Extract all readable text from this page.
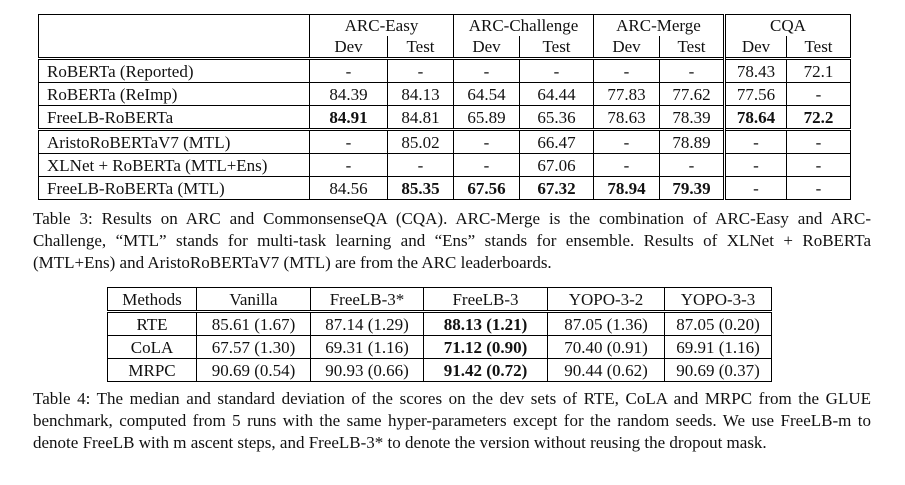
	ARC-Easy		ARC-Challenge		ARC-Merge		CQA	
	Dev	Test	Dev	Test	Dev	Test	Dev	Test
RoBERTa (Reported)	-	-	-	-	-	-	78.43	72.1
RoBERTa (ReImp)	84.39	84.13	64.54	64.44	77.83	77.62	77.56	-
FreeLB-RoBERTa	84.91	84.81	65.89	65.36	78.63	78.39	78.64	72.2
AristoRoBERTaV7 (MTL)	-	85.02	-	66.47	-	78.89	-	-
XLNet + RoBERTa (MTL+Ens)	-	-	-	67.06	-	-	-	-
FreeLB-RoBERTa (MTL)	84.56	85.35	67.56	67.32	78.94	79.39	-	-

Table 3: Results on ARC and CommonsenseQA (CQA). ARC-Merge is the combination of ARC-Easy and ARC-Challenge, “MTL” stands for multi-task learning and “Ens” stands for ensemble. Results of XLNet + RoBERTa (MTL+Ens) and AristoRoBERTaV7 (MTL) are from the ARC leaderboards.

Methods	Vanilla	FreeLB-3*	FreeLB-3	YOPO-3-2	YOPO-3-3
RTE	85.61 (1.67)	87.14 (1.29)	88.13 (1.21)	87.05 (1.36)	87.05 (0.20)
CoLA	67.57 (1.30)	69.31 (1.16)	71.12 (0.90)	70.40 (0.91)	69.91 (1.16)
MRPC	90.69 (0.54)	90.93 (0.66)	91.42 (0.72)	90.44 (0.62)	90.69 (0.37)

Table 4: The median and standard deviation of the scores on the dev sets of RTE, CoLA and MRPC from the GLUE benchmark, computed from 5 runs with the same hyper-parameters except for the random seeds. We use FreeLB-m to denote FreeLB with m ascent steps, and FreeLB-3* to denote the version without reusing the dropout mask.
